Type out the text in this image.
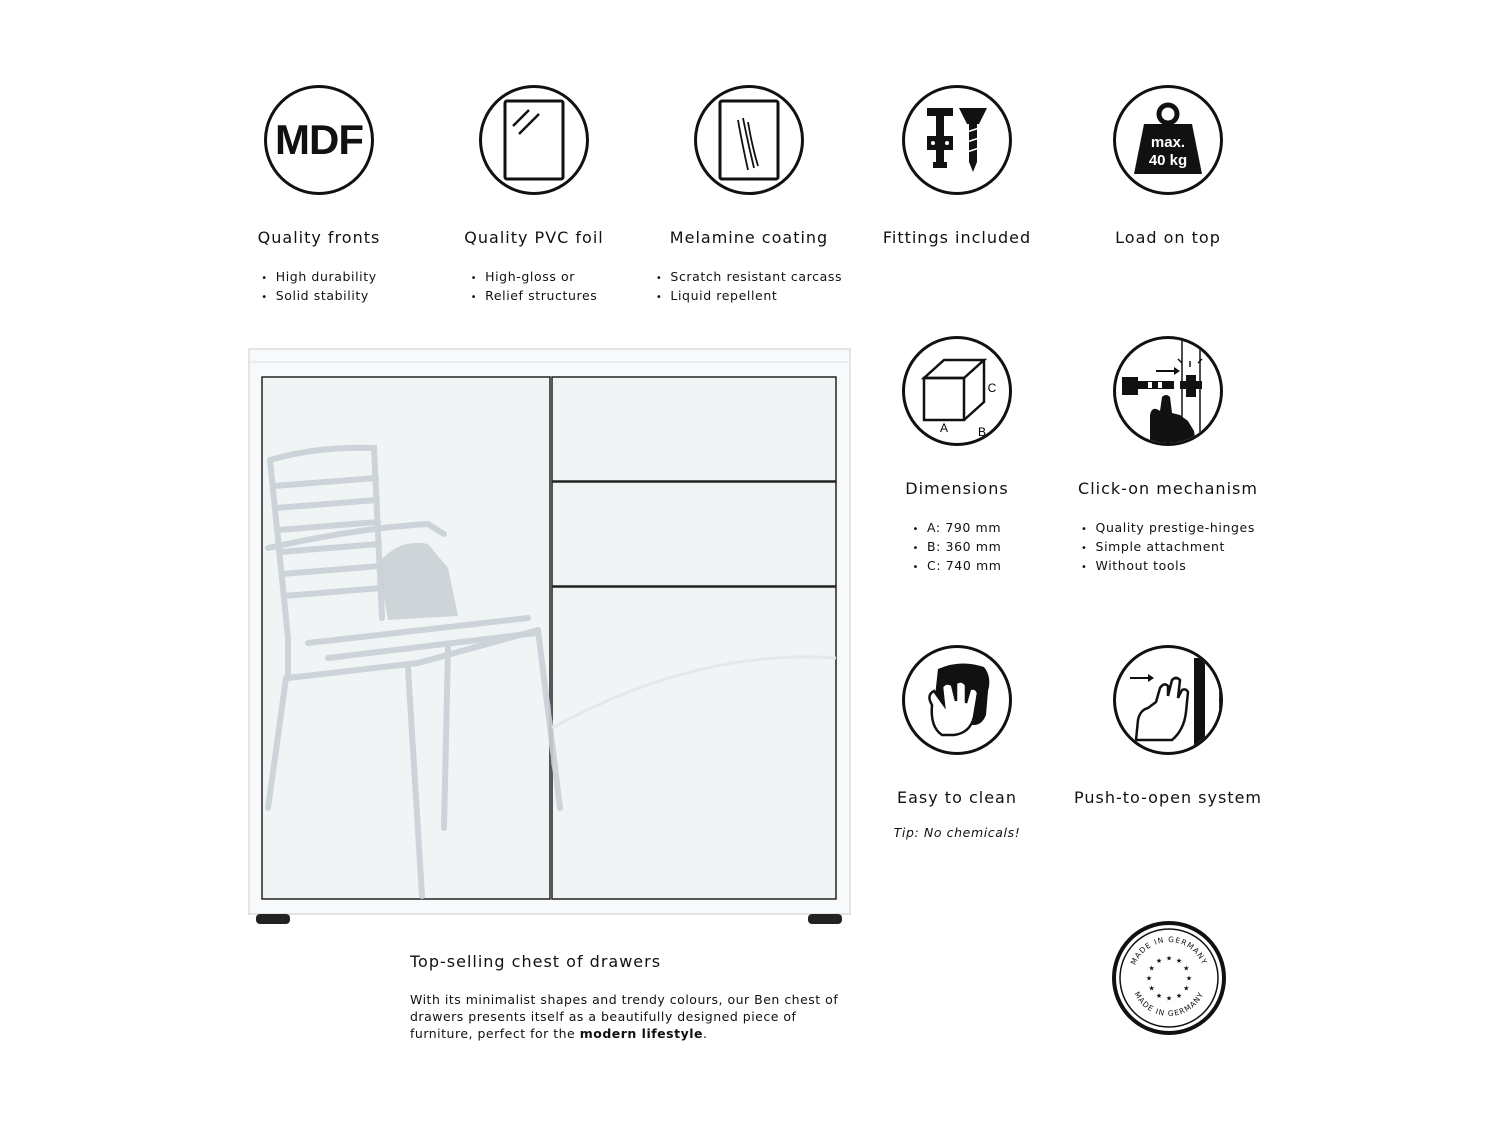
MDF
Quality fronts
• High durability
• Solid stability
Quality PVC foil
• High-gloss or
• Relief structures
Melamine coating
• Scratch resistant carcass
• Liquid repellent
Fittings included
max.
40 kg
Load on top
A B
C
Dimensions
• A: 790 mm
• B: 360 mm
• C: 740 mm
Click-on mechanism
• Quality prestige-hinges
• Simple attachment
• Without tools
Easy to clean
Tip: No chemicals!
Push-to-open system
Top-selling chest of drawers

With its minimalist shapes and trendy colours, our Ben chest of drawers presents itself as a beautifully designed piece of furniture, perfect for the modern lifestyle.

MADE IN GERMANY
MADE IN GERMANY
★
★
★
★
★
★
★
★
★ ★ ★
★
